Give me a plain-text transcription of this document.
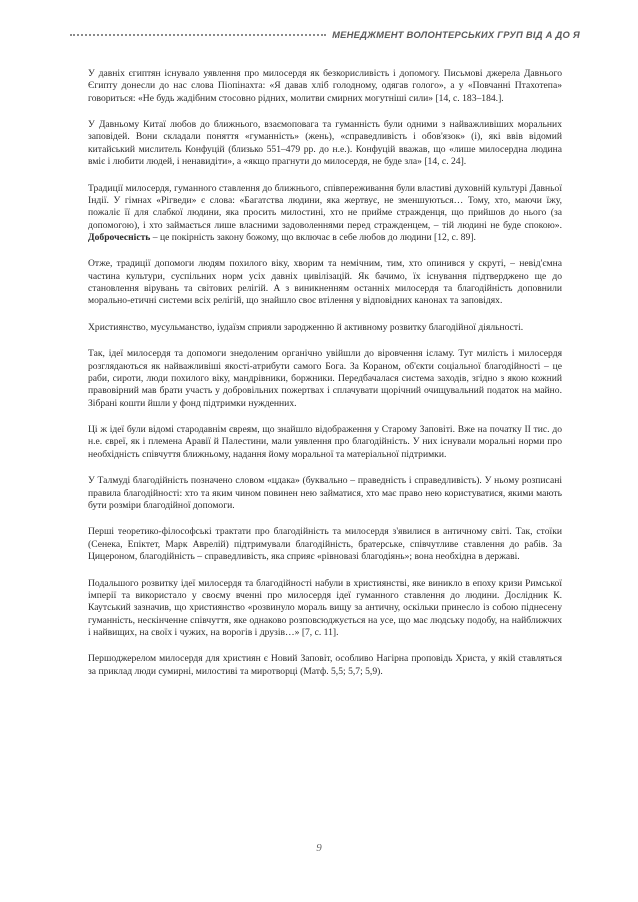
МЕНЕДЖМЕНТ ВОЛОНТЕРСЬКИХ ГРУП ВІД А ДО Я

У давніх єгиптян існувало уявлення про милосердя як безкорисливість і допомогу. Письмові джерела Давнього Єгипту донесли до нас слова Піопінахта: «Я давав хліб голодному, одягав голого», а у «Повчанні Птахотепа» говориться: «Не будь жадібним стосовно рідних, молитви смирних могутніші сили» [14, с. 183–184.].

У Давньому Китаї любов до ближнього, взаємоповага та гуманність були одними з найважливіших моральних заповідей. Вони складали поняття «гуманність» (жень), «справедливість і обов'язок» (і), які ввів відомий китайський мислитель Конфуцій (близько 551–479 рр. до н.е.). Конфуцій вважав, що «лише милосердна людина вміє і любити людей, і ненавидіти», а «якщо прагнути до милосердя, не буде зла» [14, с. 24].

Традиції милосердя, гуманного ставлення до ближнього, співпереживання були властиві духовній культурі Давньої Індії. У гімнах «Рігведи» є слова: «Багатства людини, яка жертвує, не зменшуються… Тому, хто, маючи їжу, пожаліє її для слабкої людини, яка просить милостині, хто не прийме стражденця, що прийшов до нього (за допомогою), і хто займається лише власними задоволеннями перед стражденцем, – тій людині не буде спокою». Доброчесність – це покірність закону божому, що включає в себе любов до людини [12, с. 89].

Отже, традиції допомоги людям похилого віку, хворим та немічним, тим, хто опинився у скруті, – невід'ємна частина культури, суспільних норм усіх давніх цивілізацій. Як бачимо, їх існування підтверджено ще до становлення вірувань та світових релігій. А з виникненням останніх милосердя та благодійність доповнили морально-етичні системи всіх релігій, що знайшло своє втілення у відповідних канонах та заповідях.

Християнство, мусульманство, іудаїзм сприяли зародженню й активному розвитку благодійної діяльності.

Так, ідеї милосердя та допомоги знедоленим органічно увійшли до віровчення ісламу. Тут милість і милосердя розглядаються як найважливіші якості-атрибути самого Бога. За Кораном, об'єкти соціальної благодійності – це раби, сироти, люди похилого віку, мандрівники, боржники. Передбачалася система заходів, згідно з якою кожний правовірний мав брати участь у добровільних пожертвах і сплачувати щорічний очищувальний податок на майно. Зібрані кошти йшли у фонд підтримки нужденних.

Ці ж ідеї були відомі стародавнім євреям, що знайшло відображення у Старому Заповіті. Вже на початку ІІ тис. до н.е. євреї, як і племена Аравії й Палестини, мали уявлення про благодійність. У них існували моральні норми про необхідність співчуття ближньому, надання йому моральної та матеріальної підтримки.

У Талмуді благодійність позначено словом «цдака» (буквально – праведність і справедливість). У ньому розписані правила благодійності: хто та яким чином повинен нею займатися, хто має право нею користуватися, якими мають бути розміри благодійної допомоги.

Перші теоретико-філософські трактати про благодійність та милосердя з'явилися в античному світі. Так, стоїки (Сенека, Епіктет, Марк Аврелій) підтримували благодійність, братерське, співчутливе ставлення до рабів. За Цицероном, благодійність – справедливість, яка сприяє «рівновазі благодіянь»; вона необхідна в державі.

Подальшого розвитку ідеї милосердя та благодійності набули в християнстві, яке виникло в епоху кризи Римської імперії та використало у своєму вченні про милосердя ідеї гуманного ставлення до людини. Дослідник К. Каутський зазначив, що християнство «розвинуло мораль вищу за античну, оскільки принесло із собою піднесену гуманність, нескінченне співчуття, яке однаково розповсюджується на усе, що має людську подобу, на найближчих і найвищих, на своїх і чужих, на ворогів і друзів…» [7, с. 11].

Першоджерелом милосердя для християн є Новий Заповіт, особливо Нагірна проповідь Христа, у якій ставляться за приклад люди сумирні, милостиві та миротворці (Матф. 5,5; 5,7; 5,9).

9
